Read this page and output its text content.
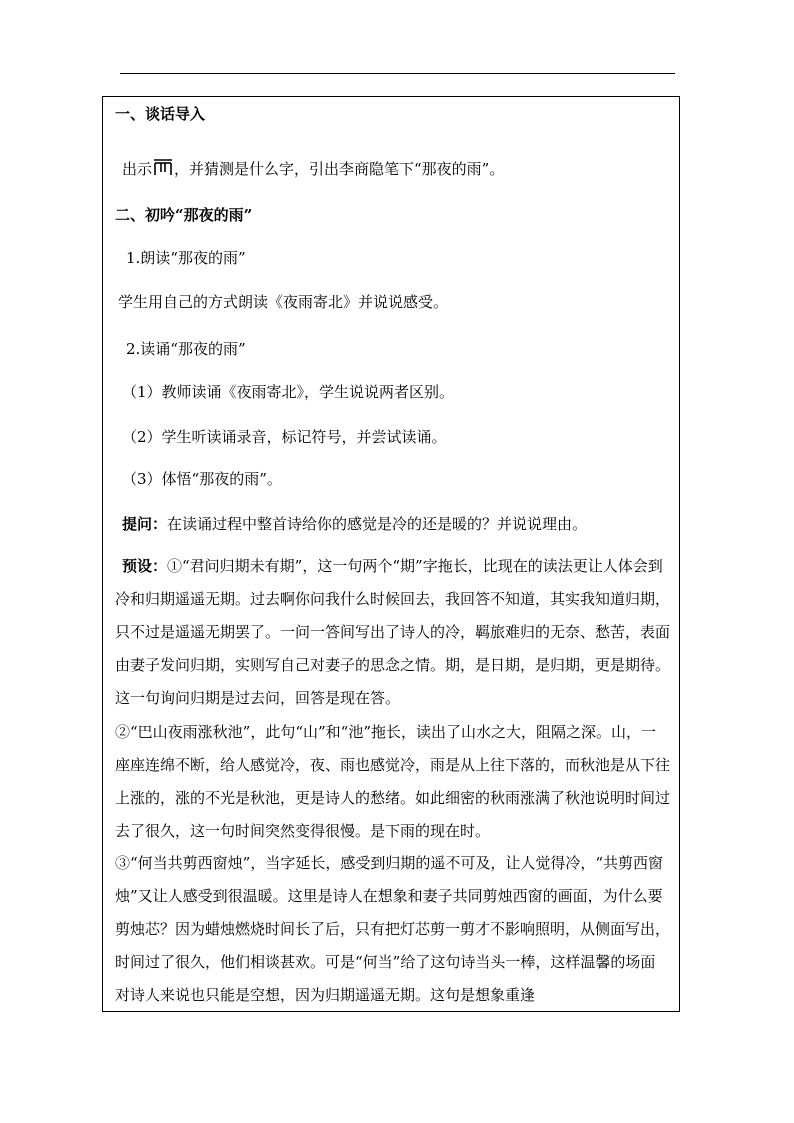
一、谈话导入
出示 ，并猜测是什么字，引出李商隐笔下“那夜的雨”。
二、初吟“那夜的雨”
1.朗读“那夜的雨”
学生用自己的方式朗读《夜雨寄北》并说说感受。
2.读诵“那夜的雨”
（1）教师读诵《夜雨寄北》，学生说说两者区别。
（2）学生听读诵录音，标记符号，并尝试读诵。
（3）体悟“那夜的雨”。
提问：在读诵过程中整首诗给你的感觉是冷的还是暖的？并说说理由。

预设：①“君问归期未有期”，这一句两个“期”字拖长，比现在的读法更让人体会到冷和归期遥遥无期。过去啊你问我什么时候回去，我回答不知道，其实我知道归期，只不过是遥遥无期罢了。一问一答间写出了诗人的冷，羁旅难归的无奈、愁苦，表面由妻子发问归期，实则写自己对妻子的思念之情。期，是日期，是归期，更是期待。这一句询问归期是过去问，回答是现在答。

②“巴山夜雨涨秋池”，此句“山”和“池”拖长，读出了山水之大，阻隔之深。山，一座座连绵不断，给人感觉冷，夜、雨也感觉冷，雨是从上往下落的，而秋池是从下往上涨的，涨的不光是秋池，更是诗人的愁绪。如此细密的秋雨涨满了秋池说明时间过去了很久，这一句时间突然变得很慢。是下雨的现在时。

③“何当共剪西窗烛”，当字延长，感受到归期的遥不可及，让人觉得冷，“共剪西窗烛”又让人感受到很温暖。这里是诗人在想象和妻子共同剪烛西窗的画面，为什么要剪烛芯？因为蜡烛燃烧时间长了后，只有把灯芯剪一剪才不影响照明，从侧面写出，时间过了很久，他们相谈甚欢。可是“何当”给了这句诗当头一棒，这样温馨的场面对诗人来说也只能是空想，因为归期遥遥无期。这句是想象重逢
